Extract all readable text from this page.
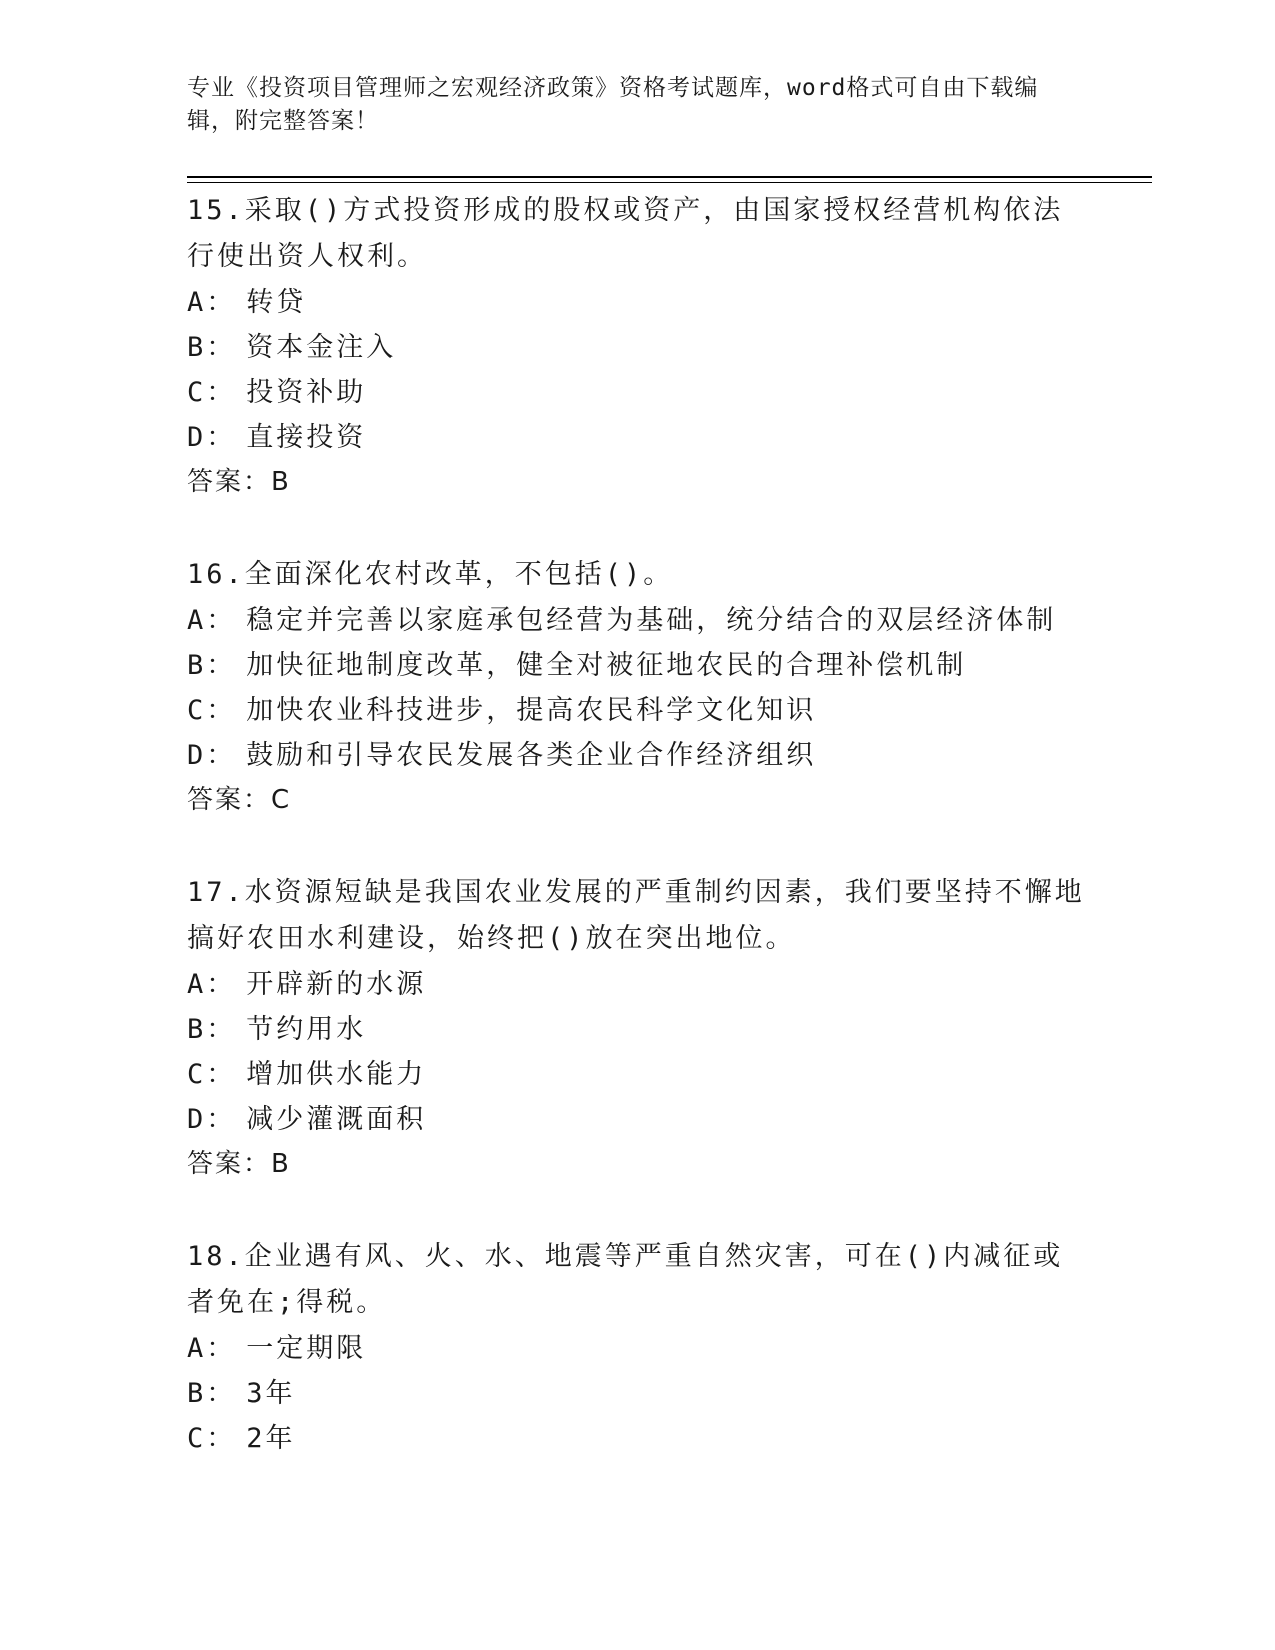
专业《投资项目管理师之宏观经济政策》资格考试题库，word格式可自由下载编辑，附完整答案！

15.采取()方式投资形成的股权或资产，由国家授权经营机构依法行使出资人权利。

A： 转贷

B： 资本金注入

C： 投资补助

D： 直接投资

答案：B

16.全面深化农村改革，不包括()。

A： 稳定并完善以家庭承包经营为基础，统分结合的双层经济体制

B： 加快征地制度改革，健全对被征地农民的合理补偿机制

C： 加快农业科技进步，提高农民科学文化知识

D： 鼓励和引导农民发展各类企业合作经济组织

答案：C

17.水资源短缺是我国农业发展的严重制约因素，我们要坚持不懈地搞好农田水利建设，始终把()放在突出地位。

A： 开辟新的水源

B： 节约用水

C： 增加供水能力

D： 减少灌溉面积

答案：B

18.企业遇有风、火、水、地震等严重自然灾害，可在()内减征或者免在;得税。

A： 一定期限

B： 3年

C： 2年
